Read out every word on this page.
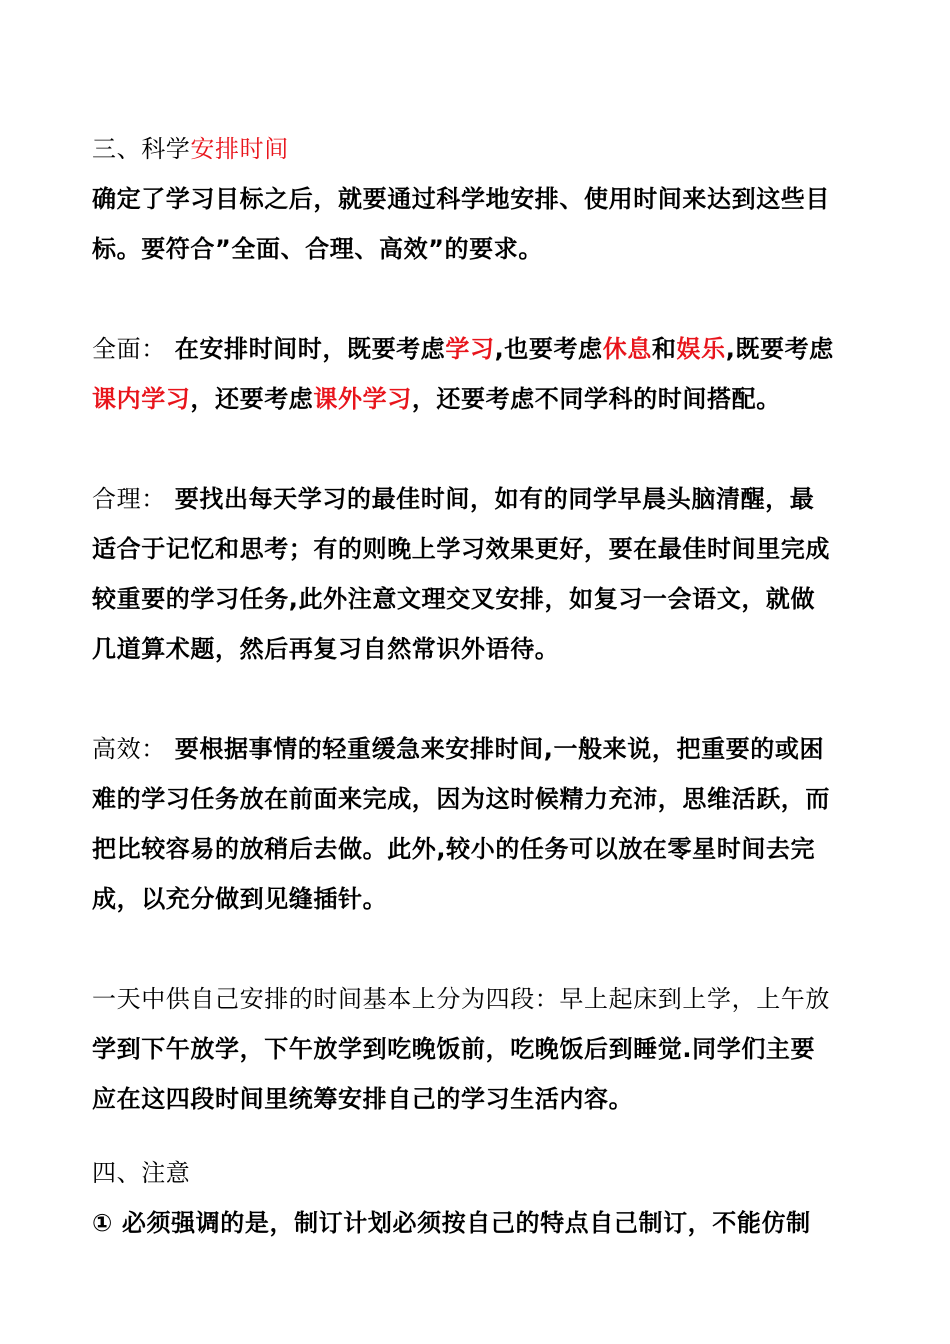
三、科学安排时间
确定了学习目标之后，就要通过科学地安排、使用时间来达到这些目
标。要符合”全面、合理、高效”的要求。
全面： 在安排时间时，既要考虑学习,也要考虑休息和娱乐,既要考虑
课内学习，还要考虑课外学习，还要考虑不同学科的时间搭配。
合理： 要找出每天学习的最佳时间，如有的同学早晨头脑清醒，最
适合于记忆和思考；有的则晚上学习效果更好，要在最佳时间里完成
较重要的学习任务,此外注意文理交叉安排，如复习一会语文，就做
几道算术题，然后再复习自然常识外语待。
高效： 要根据事情的轻重缓急来安排时间,一般来说，把重要的或困
难的学习任务放在前面来完成，因为这时候精力充沛，思维活跃，而
把比较容易的放稍后去做。此外,较小的任务可以放在零星时间去完
成，以充分做到见缝插针。
一天中供自己安排的时间基本上分为四段：早上起床到上学，上午放
学到下午放学，下午放学到吃晚饭前，吃晚饭后到睡觉.同学们主要
应在这四段时间里统筹安排自己的学习生活内容。
四、注意
① 必须强调的是，制订计划必须按自己的特点自己制订，不能仿制
